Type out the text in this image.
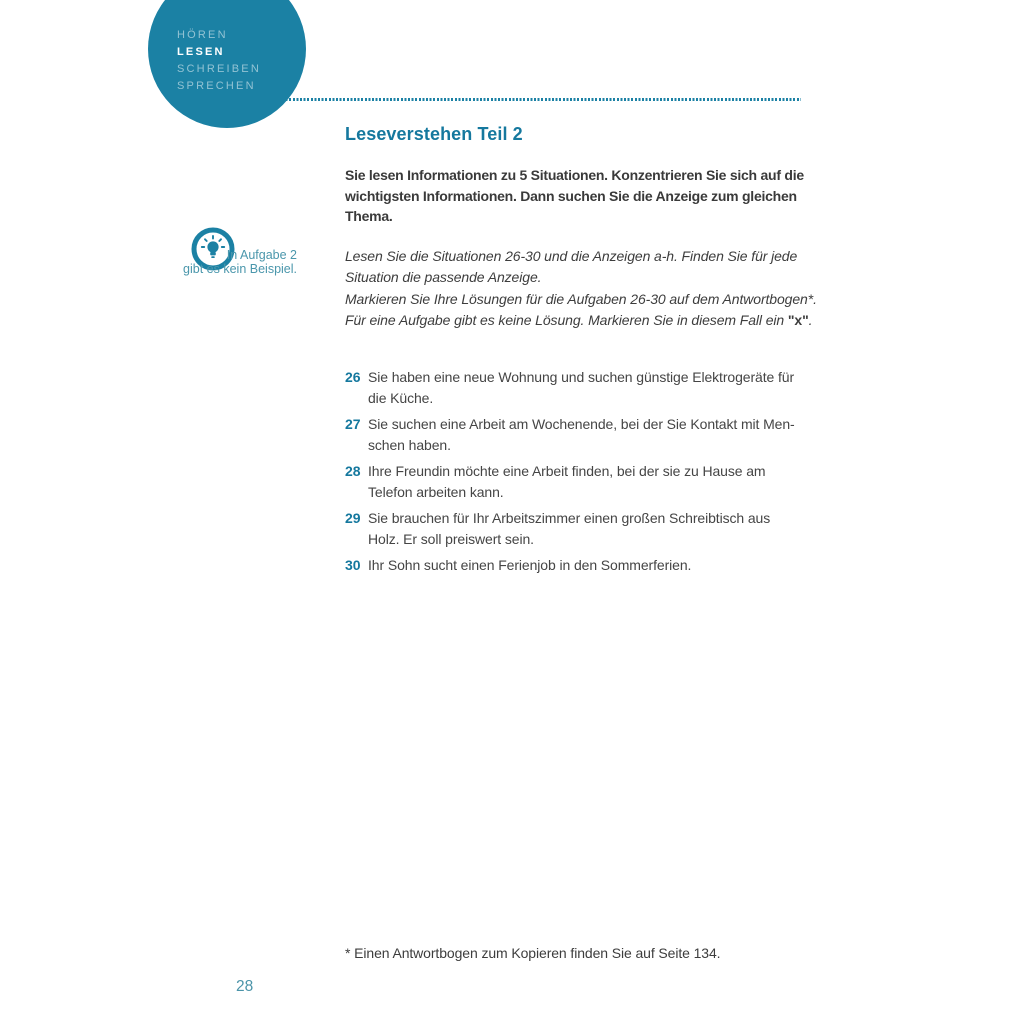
HÖREN
LESEN
SCHREIBEN
SPRECHEN
Leseverstehen Teil 2
Sie lesen Informationen zu 5 Situationen. Konzentrieren Sie sich auf die
wichtigsten Informationen. Dann suchen Sie die Anzeige zum gleichen
Thema.
In Aufgabe 2
gibt es kein Beispiel.
Lesen Sie die Situationen 26-30 und die Anzeigen a-h. Finden Sie für jede
Situation die passende Anzeige.
Markieren Sie Ihre Lösungen für die Aufgaben 26-30 auf dem Antwortbogen*.
Für eine Aufgabe gibt es keine Lösung. Markieren Sie in diesem Fall ein "x".
26 Sie haben eine neue Wohnung und suchen günstige Elektrogeräte für
die Küche.
27 Sie suchen eine Arbeit am Wochenende, bei der Sie Kontakt mit Men-
schen haben.
28 Ihre Freundin möchte eine Arbeit finden, bei der sie zu Hause am
Telefon arbeiten kann.
29 Sie brauchen für Ihr Arbeitszimmer einen großen Schreibtisch aus
Holz. Er soll preiswert sein.
30 Ihr Sohn sucht einen Ferienjob in den Sommerferien.
* Einen Antwortbogen zum Kopieren finden Sie auf Seite 134.
28
